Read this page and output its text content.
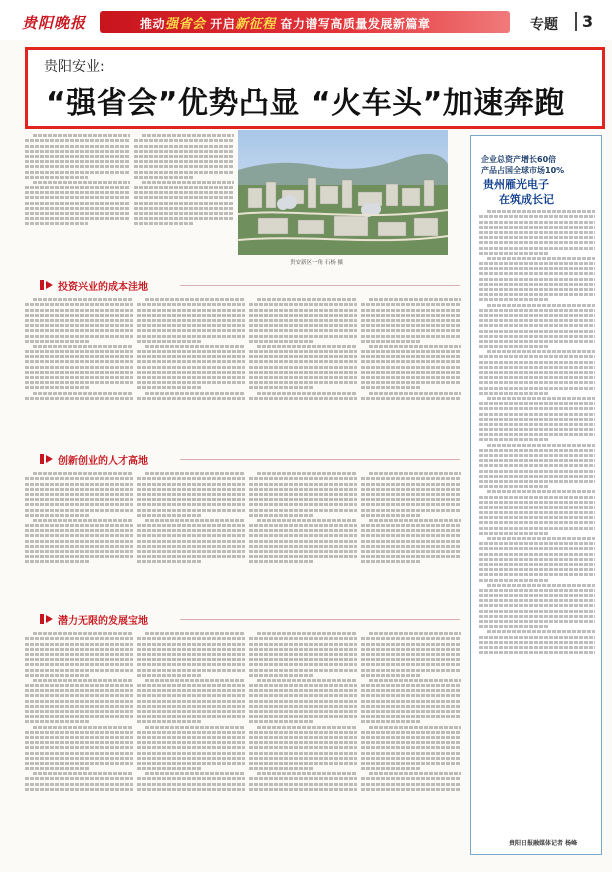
贵阳晚报	推动强省会 开启新征程 奋力谱写高质量发展新篇章	专题	3
贵阳安业:
“强省会”优势凸显 “火车头”加速奔跑
贵安新区一角 石杨 摄
投资兴业的成本洼地
创新创业的人才高地
潜力无限的发展宝地
企业总资产增长60倍
产品占国全球市场10%
贵州雁光电子
在筑成长记
贵阳日报融媒体记者 杨峰
